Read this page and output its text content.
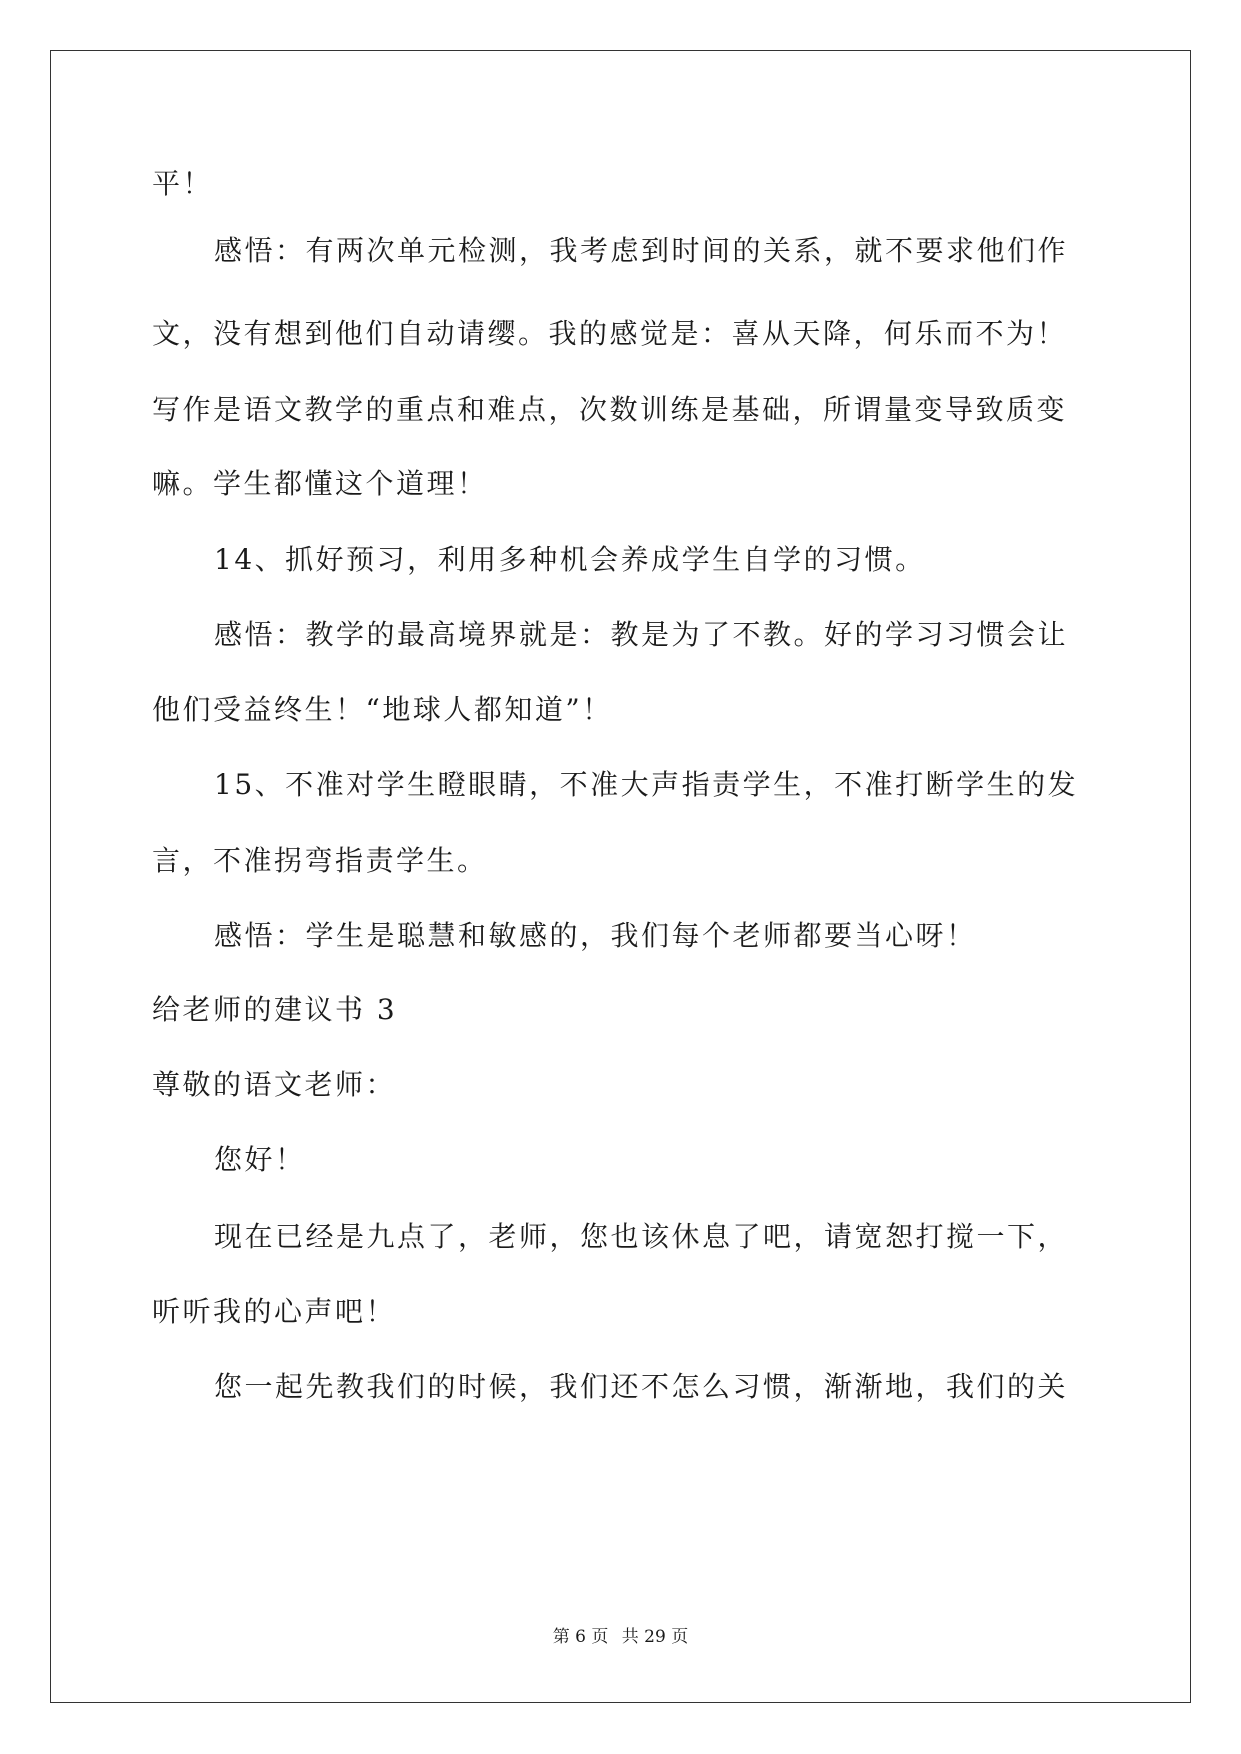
平！
感悟：有两次单元检测，我考虑到时间的关系，就不要求他们作
文，没有想到他们自动请缨。我的感觉是：喜从天降，何乐而不为！
写作是语文教学的重点和难点，次数训练是基础，所谓量变导致质变
嘛。学生都懂这个道理！
14、抓好预习，利用多种机会养成学生自学的习惯。
感悟：教学的最高境界就是：教是为了不教。好的学习习惯会让
他们受益终生！“地球人都知道”！
15、不准对学生瞪眼睛，不准大声指责学生，不准打断学生的发
言，不准拐弯指责学生。
感悟：学生是聪慧和敏感的，我们每个老师都要当心呀！
给老师的建议书 3
尊敬的语文老师：
您好！
现在已经是九点了，老师，您也该休息了吧，请宽恕打搅一下，
听听我的心声吧！
您一起先教我们的时候，我们还不怎么习惯，渐渐地，我们的关
第 6 页 共 29 页
